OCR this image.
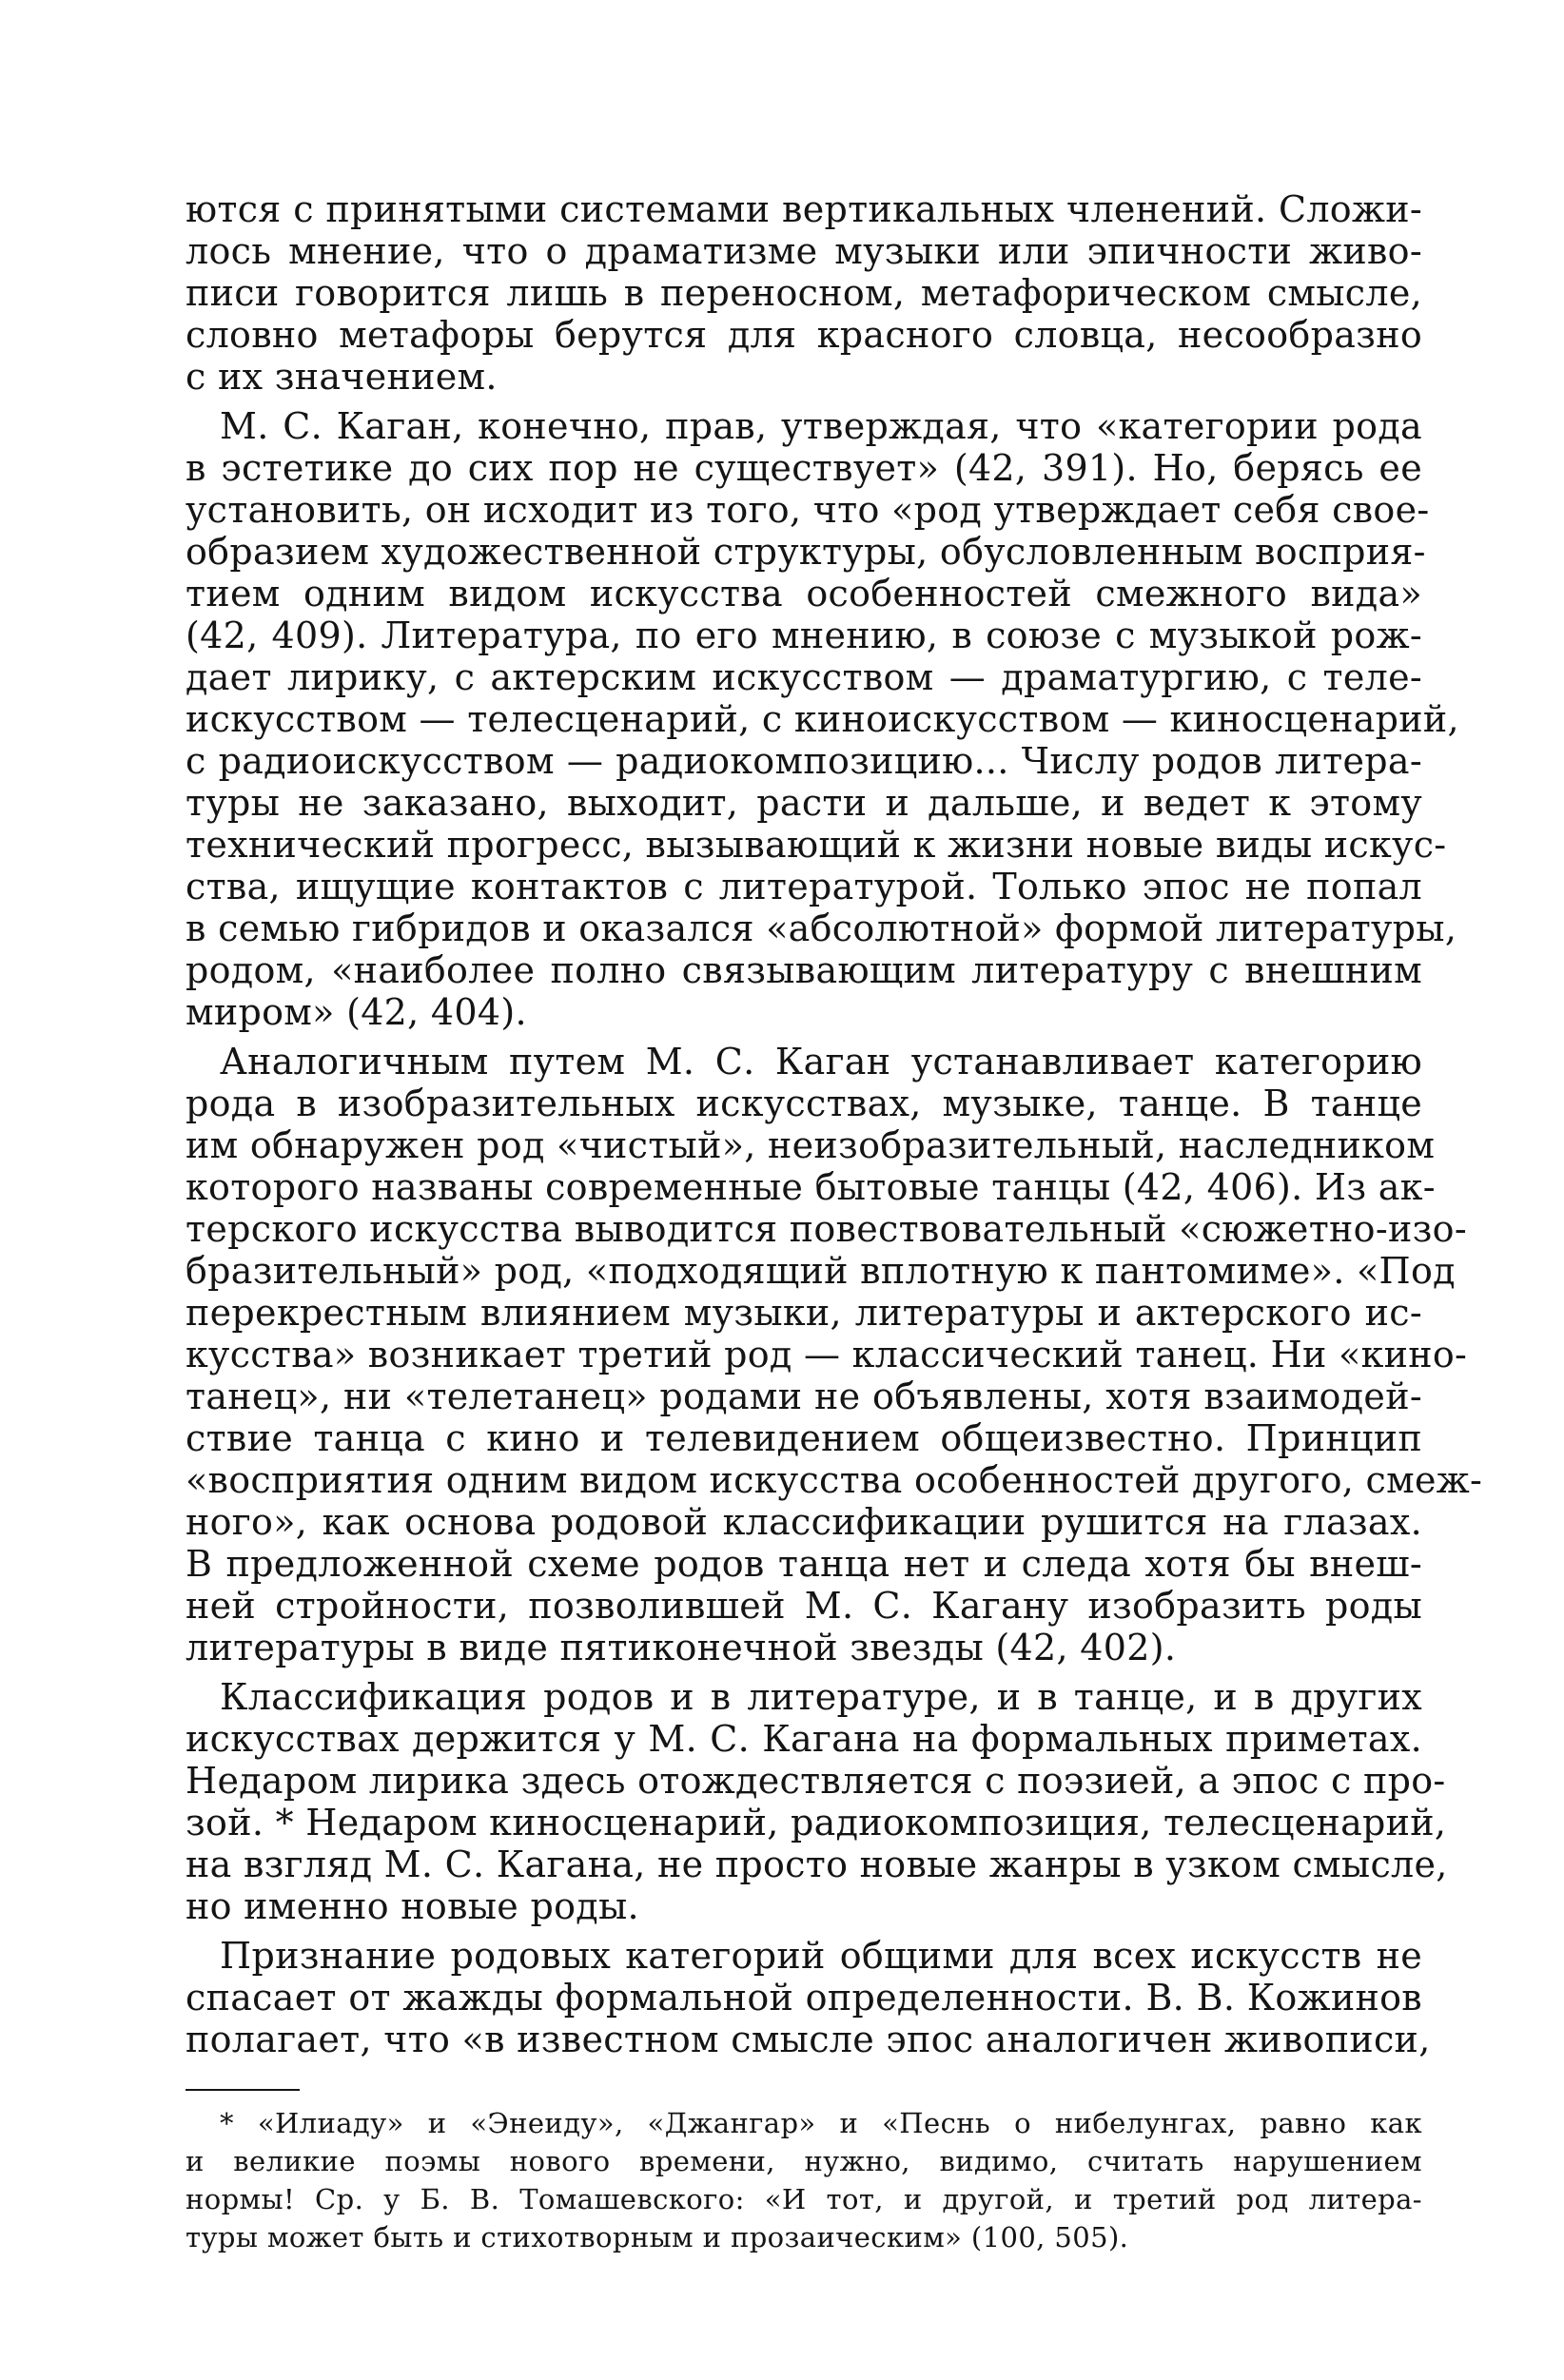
ются с принятыми системами вертикальных членений. Сложи-
лось мнение, что о драматизме музыки или эпичности живо-
писи говорится лишь в переносном, метафорическом смысле,
словно метафоры берутся для красного словца, несообразно
с их значением.
М. С. Каган, конечно, прав, утверждая, что «категории рода
в эстетике до сих пор не существует» (42, 391). Но, берясь ее
установить, он исходит из того, что «род утверждает себя свое-
образием художественной структуры, обусловленным восприя-
тием одним видом искусства особенностей смежного вида»
(42, 409). Литература, по его мнению, в союзе с музыкой рож-
дает лирику, с актерским искусством — драматургию, с теле-
искусством — телесценарий, с киноискусством — киносценарий,
с радиоискусством — радиокомпозицию... Числу родов литера-
туры не заказано, выходит, расти и дальше, и ведет к этому
технический прогресс, вызывающий к жизни новые виды искус-
ства, ищущие контактов с литературой. Только эпос не попал
в семью гибридов и оказался «абсолютной» формой литературы,
родом, «наиболее полно связывающим литературу с внешним
миром» (42, 404).
Аналогичным путем М. С. Каган устанавливает категорию
рода в изобразительных искусствах, музыке, танце. В танце
им обнаружен род «чистый», неизобразительный, наследником
которого названы современные бытовые танцы (42, 406). Из ак-
терского искусства выводится повествовательный «сюжетно-изо-
бразительный» род, «подходящий вплотную к пантомиме». «Под
перекрестным влиянием музыки, литературы и актерского ис-
кусства» возникает третий род — классический танец. Ни «кино-
танец», ни «телетанец» родами не объявлены, хотя взаимодей-
ствие танца с кино и телевидением общеизвестно. Принцип
«восприятия одним видом искусства особенностей другого, смеж-
ного», как основа родовой классификации рушится на глазах.
В предложенной схеме родов танца нет и следа хотя бы внеш-
ней стройности, позволившей М. С. Кагану изобразить роды
литературы в виде пятиконечной звезды (42, 402).
Классификация родов и в литературе, и в танце, и в других
искусствах держится у М. С. Кагана на формальных приметах.
Недаром лирика здесь отождествляется с поэзией, а эпос с про-
зой. * Недаром киносценарий, радиокомпозиция, телесценарий,
на взгляд М. С. Кагана, не просто новые жанры в узком смысле,
но именно новые роды.
Признание родовых категорий общими для всех искусств не
спасает от жажды формальной определенности. В. В. Кожинов
полагает, что «в известном смысле эпос аналогичен живописи,
* «Илиаду» и «Энеиду», «Джангар» и «Песнь о нибелунгах, равно как
и великие поэмы нового времени, нужно, видимо, считать нарушением
нормы! Ср. у Б. В. Томашевского: «И тот, и другой, и третий род литера-
туры может быть и стихотворным и прозаическим» (100, 505).
